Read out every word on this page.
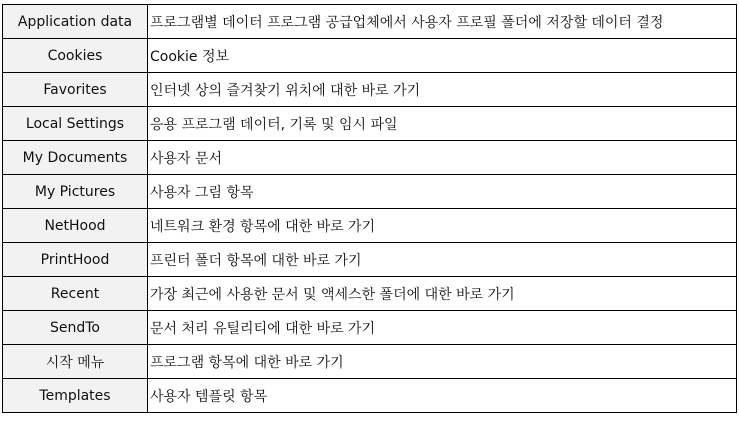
Application data	프로그램별 데이터 프로그램 공급업체에서 사용자 프로필 폴더에 저장할 데이터 결정
Cookies	Cookie 정보
Favorites	인터넷 상의 즐겨찾기 위치에 대한 바로 가기
Local Settings	응용 프로그램 데이터, 기록 및 임시 파일
My Documents	사용자 문서
My Pictures	사용자 그림 항목
NetHood	네트워크 환경 항목에 대한 바로 가기
PrintHood	프린터 폴더 항목에 대한 바로 가기
Recent	가장 최근에 사용한 문서 및 액세스한 폴더에 대한 바로 가기
SendTo	문서 처리 유틸리티에 대한 바로 가기
시작 메뉴	프로그램 항목에 대한 바로 가기
Templates	사용자 템플릿 항목
